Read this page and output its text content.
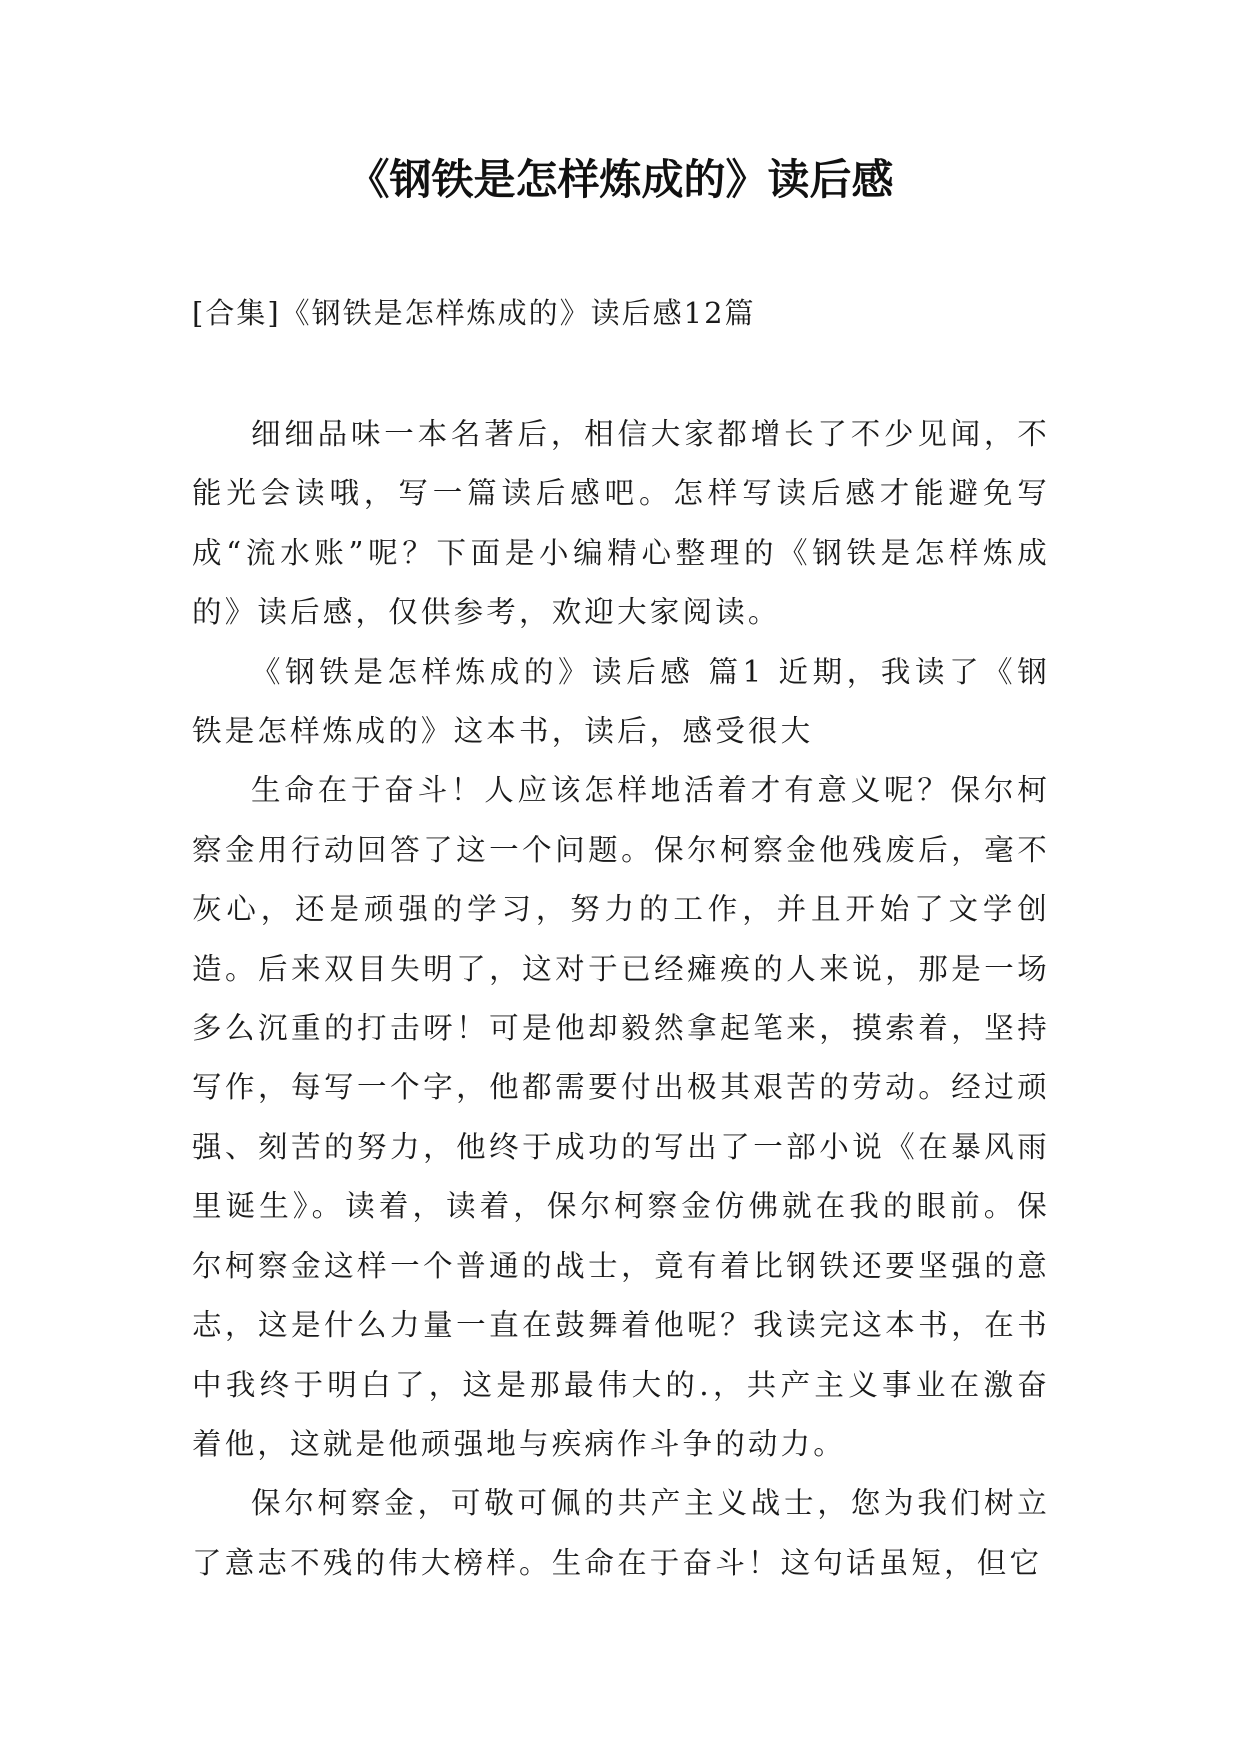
《钢铁是怎样炼成的》读后感
[合集]《钢铁是怎样炼成的》读后感12篇

细细品味一本名著后，相信大家都增长了不少见闻，不能光会读哦，写一篇读后感吧。怎样写读后感才能避免写成“流水账”呢？下面是小编精心整理的《钢铁是怎样炼成的》读后感，仅供参考，欢迎大家阅读。

《钢铁是怎样炼成的》读后感 篇1 近期，我读了《钢铁是怎样炼成的》这本书，读后，感受很大

生命在于奋斗！人应该怎样地活着才有意义呢？保尔柯察金用行动回答了这一个问题。保尔柯察金他残废后，毫不灰心，还是顽强的学习，努力的工作，并且开始了文学创造。后来双目失明了，这对于已经瘫痪的人来说，那是一场多么沉重的打击呀！可是他却毅然拿起笔来，摸索着，坚持写作，每写一个字，他都需要付出极其艰苦的劳动。经过顽强、刻苦的努力，他终于成功的写出了一部小说《在暴风雨里诞生》。读着，读着，保尔柯察金仿佛就在我的眼前。保尔柯察金这样一个普通的战士，竟有着比钢铁还要坚强的意志，这是什么力量一直在鼓舞着他呢？我读完这本书，在书中我终于明白了，这是那最伟大的.，共产主义事业在激奋着他，这就是他顽强地与疾病作斗争的动力。

保尔柯察金，可敬可佩的共产主义战士，您为我们树立了意志不残的伟大榜样。生命在于奋斗！这句话虽短，但它
